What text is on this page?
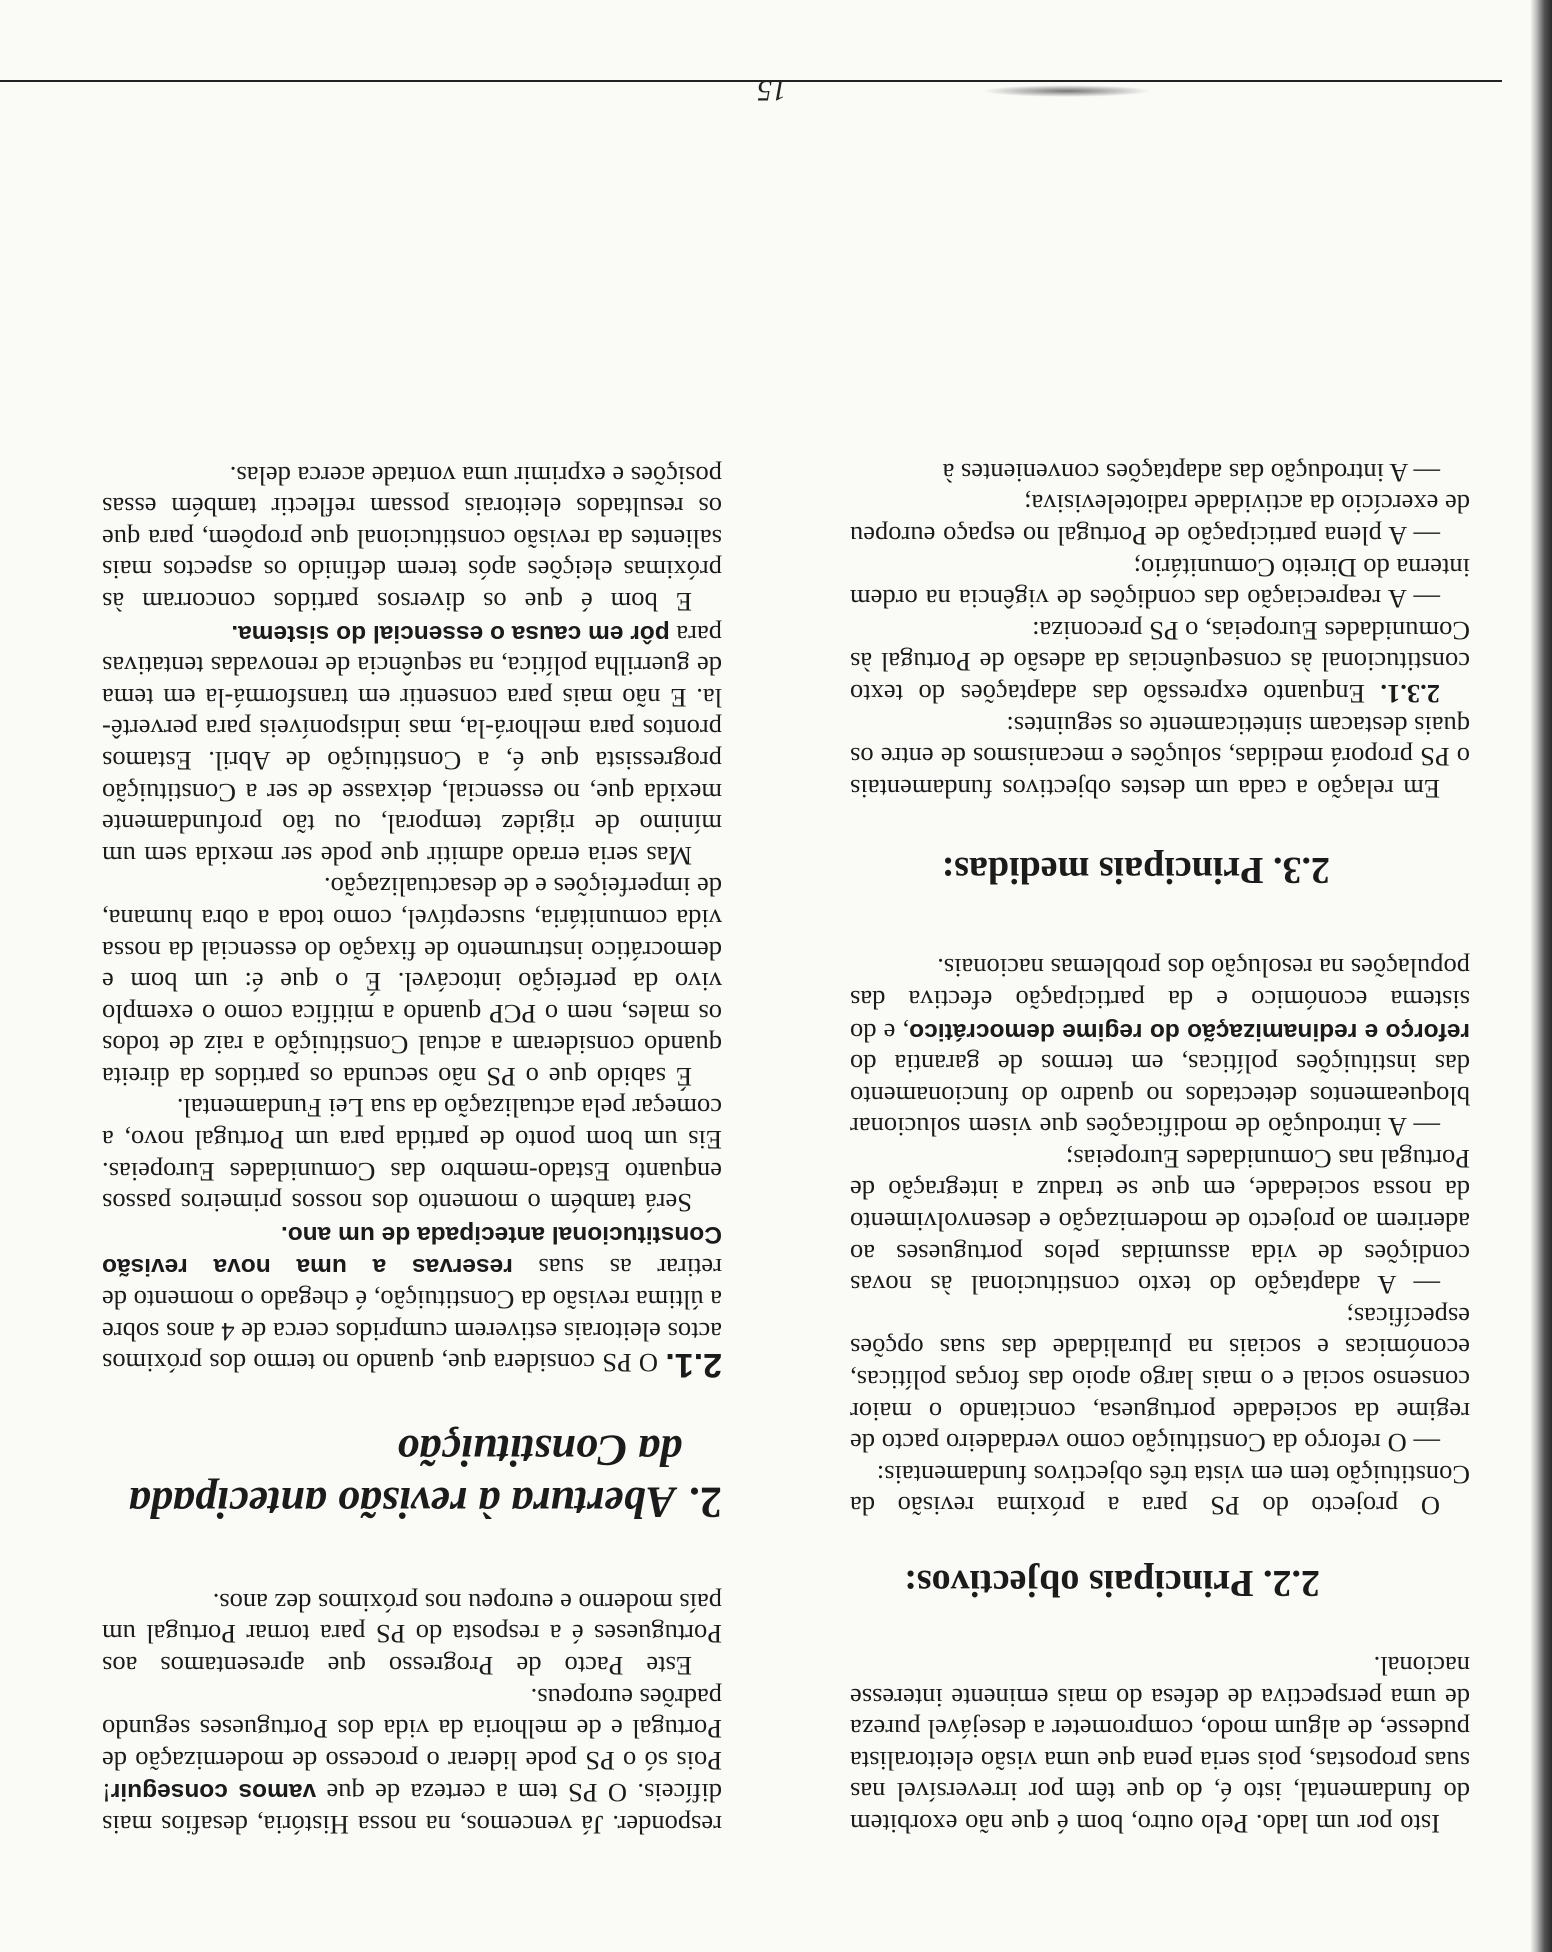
Isto por um lado. Pelo outro, bom é que não exorbitem do fundamental, isto é, do que têm por irreversível nas suas propostas, pois seria pena que uma visão eleitoralista pudesse, de algum modo, comprometer a desejável pureza de uma perspectiva de defesa do mais eminente interesse nacional.

2.2. Principais objectivos:

O projecto do PS para a próxima revisão da Constituição tem em vista três objectivos fundamentais:

— O reforço da Constituição como verdadeiro pacto de regime da sociedade portuguesa, concitando o maior consenso social e o mais largo apoio das forças políticas, económicas e sociais na pluralidade das suas opções específicas;

— A adaptação do texto constitucional às novas condições de vida assumidas pelos portugueses ao aderirem ao projecto de modernização e desenvolvimento da nossa sociedade, em que se traduz a integração de Portugal nas Comunidades Europeias;

— A introdução de modificações que visem solucionar bloqueamentos detectados no quadro do funcionamento das instituições políticas, em termos de garantia do reforço e redinamização do regime democrático, e do sistema económico e da participação efectiva das populações na resolução dos problemas nacionais.

2.3. Principais medidas:

Em relação a cada um destes objectivos fundamentais o PS proporá medidas, soluções e mecanismos de entre os quais destacam sinteticamente os seguintes:

2.3.1. Enquanto expressão das adaptações do texto constitucional às consequências da adesão de Portugal às Comunidades Europeias, o PS preconiza:

— A reapreciação das condições de vigência na ordem interna do Direito Comunitário;

— A plena participação de Portugal no espaço europeu de exercício da actividade radiotelevisiva;

— A introdução das adaptações convenientes à

responder. Já vencemos, na nossa História, desafios mais difíceis. O PS tem a certeza de que vamos conseguir! Pois só o PS pode liderar o processo de modernização de Portugal e de melhoria da vida dos Portugueses segundo padrões europeus.

Este Pacto de Progresso que apresentamos aos Portugueses é a resposta do PS para tornar Portugal um país moderno e europeu nos próximos dez anos.

2.Abertura à revisão antecipada
da Constituição

2.1. O PS considera que, quando no termo dos próximos actos eleitorais estiverem cumpridos cerca de 4 anos sobre a última revisão da Constituição, é chegado o momento de retirar as suas reservas a uma nova revisão Constitucional antecipada de um ano.

Será também o momento dos nossos primeiros passos enquanto Estado-membro das Comunidades Europeias. Eis um bom ponto de partida para um Portugal novo, a começar pela actualização da sua Lei Fundamental.

É sabido que o PS não secunda os partidos da direita quando consideram a actual Constituição a raiz de todos os males, nem o PCP quando a mitifica como o exemplo vivo da perfeição intocável. É o que é: um bom e democrático instrumento de fixação do essencial da nossa vida comunitária, susceptível, como toda a obra humana, de imperfeições e de desactualização.

Mas seria errado admitir que pode ser mexida sem um mínimo de rigidez temporal, ou tão profundamente mexida que, no essencial, deixasse de ser a Constituição progressista que é, a Constituição de Abril. Estamos prontos para melhorá-la, mas indisponíveis para pervertê-la. E não mais para consentir em transformá-la em tema de guerrilha política, na sequência de renovadas tentativas para pôr em causa o essencial do sistema.

E bom é que os diversos partidos concorram às próximas eleições após terem definido os aspectos mais salientes da revisão constitucional que propõem, para que os resultados eleitorais possam reflectir também essas posições e exprimir uma vontade acerca delas.

15
